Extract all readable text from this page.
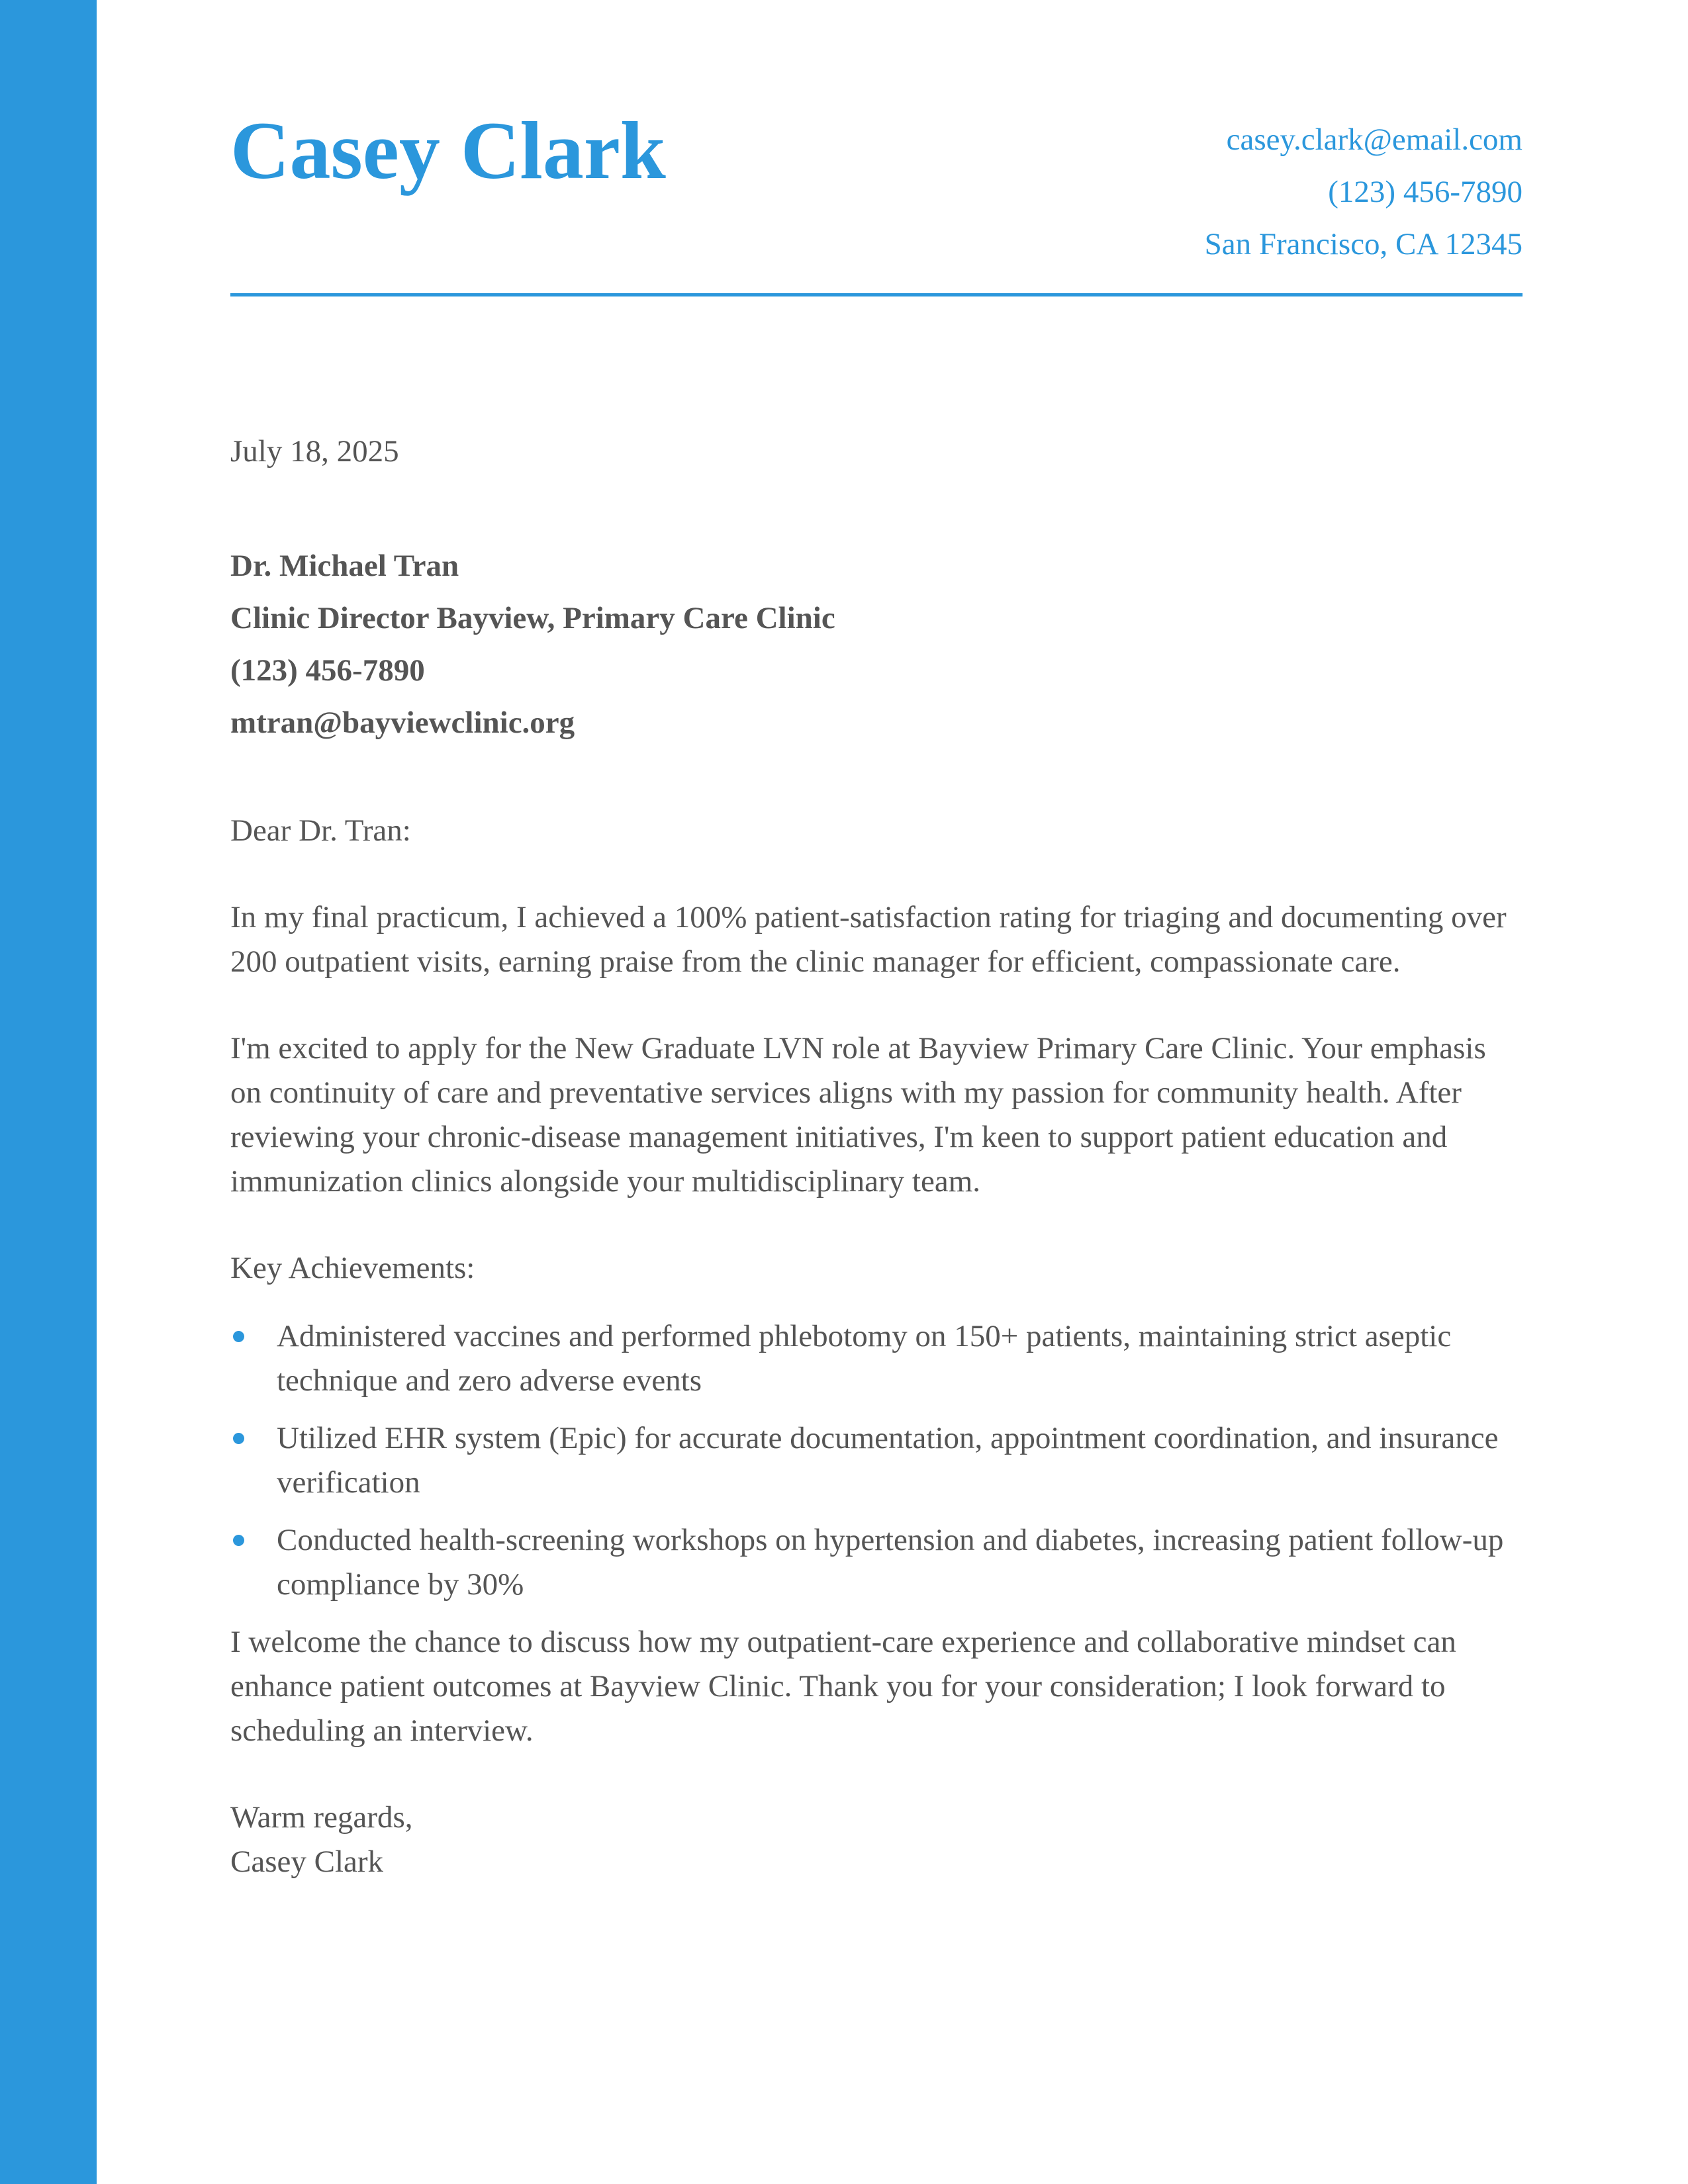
Casey Clark	casey.clark@email.com
(123) 456-7890
San Francisco, CA 12345
July 18, 2025
Dr. Michael Tran
Clinic Director Bayview, Primary Care Clinic
(123) 456-7890
mtran@bayviewclinic.org

Dear Dr. Tran:

In my final practicum, I achieved a 100% patient-satisfaction rating for triaging and documenting over 200 outpatient visits, earning praise from the clinic manager for efficient, compassionate care.

I'm excited to apply for the New Graduate LVN role at Bayview Primary Care Clinic. Your emphasis on continuity of care and preventative services aligns with my passion for community health. After reviewing your chronic-disease management initiatives, I'm keen to support patient education and immunization clinics alongside your multidisciplinary team.

Key Achievements:

Administered vaccines and performed phlebotomy on 150+ patients, maintaining strict aseptic technique and zero adverse events
Utilized EHR system (Epic) for accurate documentation, appointment coordination, and insurance verification
Conducted health-screening workshops on hypertension and diabetes, increasing patient follow-up compliance by 30%

I welcome the chance to discuss how my outpatient-care experience and collaborative mindset can enhance patient outcomes at Bayview Clinic. Thank you for your consideration; I look forward to scheduling an interview.

Warm regards,

Casey Clark
